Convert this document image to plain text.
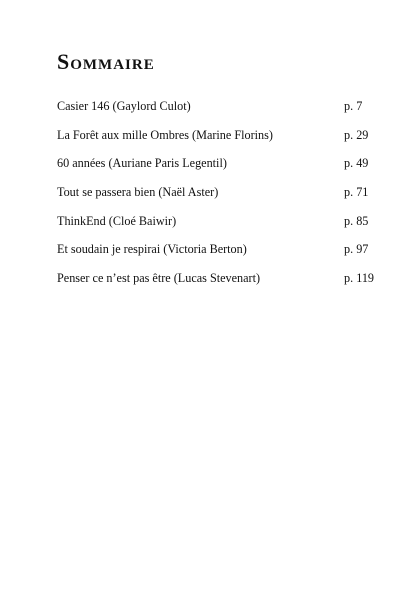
Sommaire
Casier 146 (Gaylord Culot)	p. 7
La Forêt aux mille Ombres (Marine Florins)	p. 29
60 années (Auriane Paris Legentil)	p. 49
Tout se passera bien (Naël Aster)	p. 71
ThinkEnd (Cloé Baiwir)	p. 85
Et soudain je respirai (Victoria Berton)	p. 97
Penser ce n’est pas être (Lucas Stevenart)	p. 119
